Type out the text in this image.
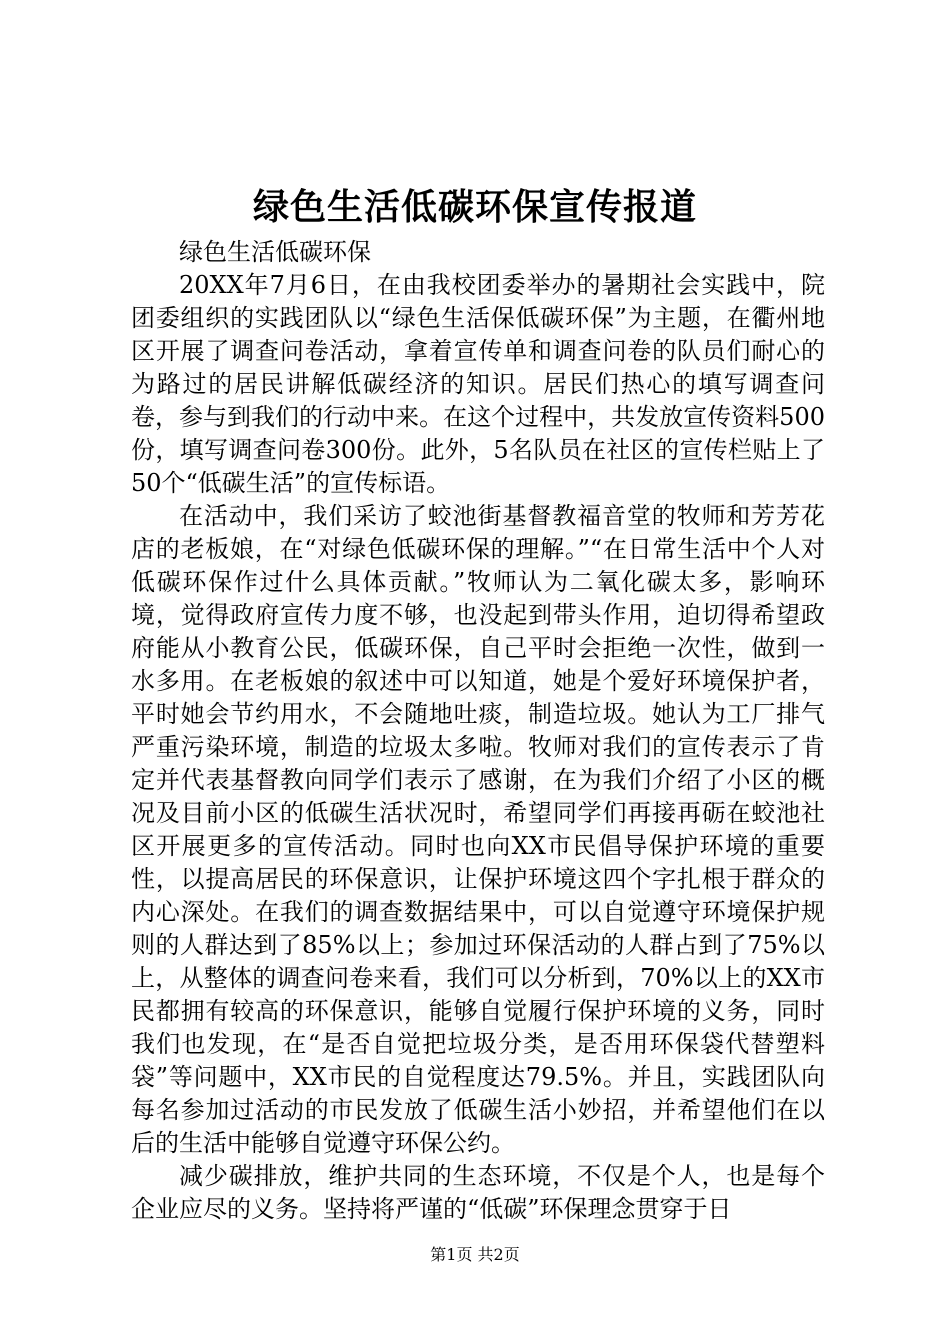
绿色生活低碳环保宣传报道

绿色生活低碳环保

20XX年7月6日，在由我校团委举办的暑期社会实践中，院团委组织的实践团队以“绿色生活保低碳环保”为主题，在衢州地区开展了调查问卷活动，拿着宣传单和调查问卷的队员们耐心的为路过的居民讲解低碳经济的知识。居民们热心的填写调查问卷，参与到我们的行动中来。在这个过程中，共发放宣传资料500份，填写调查问卷300份。此外，5名队员在社区的宣传栏贴上了50个“低碳生活”的宣传标语。

在活动中，我们采访了蛟池街基督教福音堂的牧师和芳芳花店的老板娘，在“对绿色低碳环保的理解。”“在日常生活中个人对低碳环保作过什么具体贡献。”牧师认为二氧化碳太多，影响环境，觉得政府宣传力度不够，也没起到带头作用，迫切得希望政府能从小教育公民，低碳环保，自己平时会拒绝一次性，做到一水多用。在老板娘的叙述中可以知道，她是个爱好环境保护者，平时她会节约用水，不会随地吐痰，制造垃圾。她认为工厂排气严重污染环境，制造的垃圾太多啦。牧师对我们的宣传表示了肯定并代表基督教向同学们表示了感谢，在为我们介绍了小区的概况及目前小区的低碳生活状况时，希望同学们再接再砺在蛟池社区开展更多的宣传活动。同时也向XX市民倡导保护环境的重要性，以提高居民的环保意识，让保护环境这四个字扎根于群众的内心深处。在我们的调查数据结果中，可以自觉遵守环境保护规则的人群达到了85%以上；参加过环保活动的人群占到了75%以上，从整体的调查问卷来看，我们可以分析到，70%以上的XX市民都拥有较高的环保意识，能够自觉履行保护环境的义务，同时我们也发现，在“是否自觉把垃圾分类，是否用环保袋代替塑料袋”等问题中，XX市民的自觉程度达79.5%。并且，实践团队向每名参加过活动的市民发放了低碳生活小妙招，并希望他们在以后的生活中能够自觉遵守环保公约。

减少碳排放，维护共同的生态环境，不仅是个人，也是每个企业应尽的义务。坚持将严谨的“低碳”环保理念贯穿于日

第1页 共2页
